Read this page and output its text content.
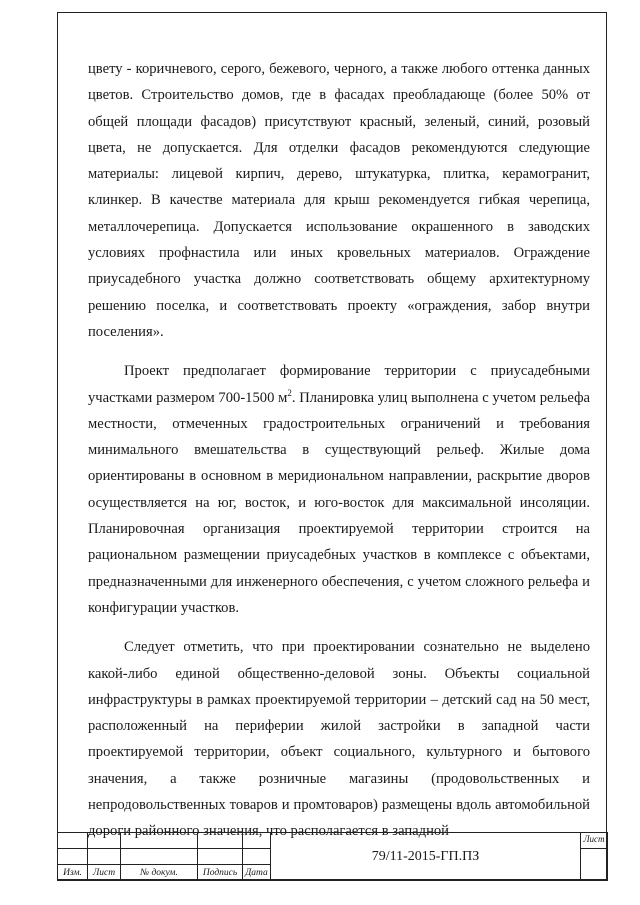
цвету - коричневого, серого, бежевого, черного, а также любого оттенка данных цветов. Строительство домов, где в фасадах преобладающе (более 50% от общей площади фасадов) присутствуют красный, зеленый, синий, розовый цвета, не допускается. Для отделки фасадов рекомендуются следующие материалы: лицевой кирпич, дерево, штукатурка, плитка, керамогранит, клинкер. В качестве материала для крыш рекомендуется гибкая черепица, металлочерепица. Допускается использование окрашенного в заводских условиях профнастила или иных кровельных материалов. Ограждение приусадебного участка должно соответствовать общему архитектурному решению поселка, и соответствовать проекту «ограждения, забор внутри поселения».

Проект предполагает формирование территории с приусадебными участками размером 700-1500 $м^2$. Планировка улиц выполнена с учетом рельефа местности, отмеченных градостроительных ограничений и требования минимального вмешательства в существующий рельеф. Жилые дома ориентированы в основном в меридиональном направлении, раскрытие дворов осуществляется на юг, восток, и юго-восток для максимальной инсоляции. Планировочная организация проектируемой территории строится на рациональном размещении приусадебных участков в комплексе с объектами, предназначенными для инженерного обеспечения, с учетом сложного рельефа и конфигурации участков.

Следует отметить, что при проектировании сознательно не выделено какой-либо единой общественно-деловой зоны. Объекты социальной инфраструктуры в рамках проектируемой территории – детский сад на 50 мест, расположенный на периферии жилой застройки в западной части проектируемой территории, объект социального, культурного и бытового значения, а также розничные магазины (продовольственных и непродовольственных товаров и промтоваров) размещены вдоль автомобильной дороги районного значения, что располагается в западной

					79/11-2015-ГП.ПЗ	Лист

Изм.	Лист	№ докум.	Подпись	Дата		
